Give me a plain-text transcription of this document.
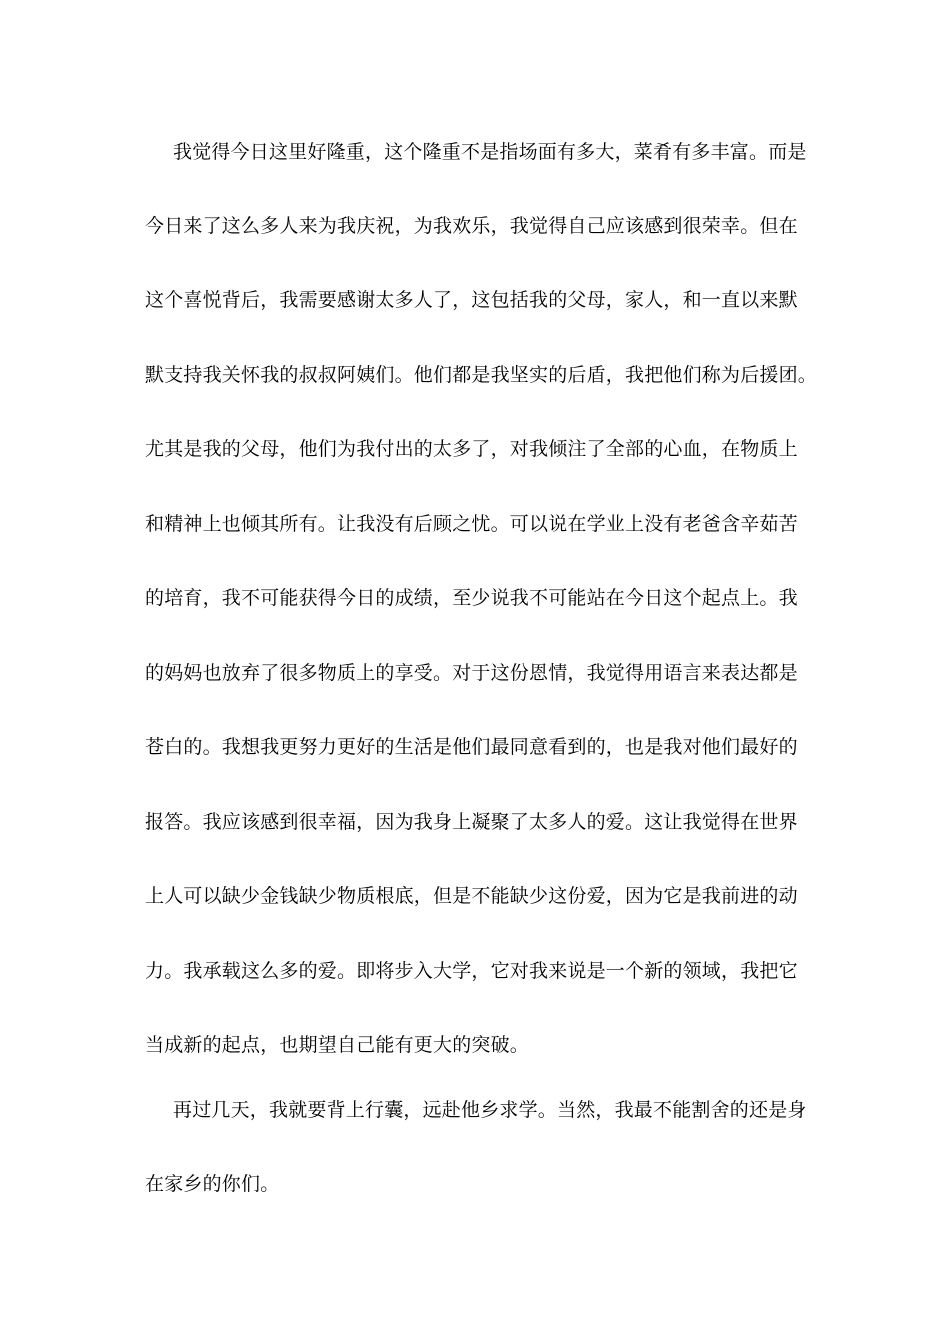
我觉得今日这里好隆重，这个隆重不是指场面有多大，菜肴有多丰富。而是
今日来了这么多人来为我庆祝，为我欢乐，我觉得自己应该感到很荣幸。但在
这个喜悦背后，我需要感谢太多人了，这包括我的父母，家人，和一直以来默
默支持我关怀我的叔叔阿姨们。他们都是我坚实的后盾，我把他们称为后援团。
尤其是我的父母，他们为我付出的太多了，对我倾注了全部的心血，在物质上
和精神上也倾其所有。让我没有后顾之忧。可以说在学业上没有老爸含辛茹苦
的培育，我不可能获得今日的成绩，至少说我不可能站在今日这个起点上。我
的妈妈也放弃了很多物质上的享受。对于这份恩情，我觉得用语言来表达都是
苍白的。我想我更努力更好的生活是他们最同意看到的，也是我对他们最好的
报答。我应该感到很幸福，因为我身上凝聚了太多人的爱。这让我觉得在世界
上人可以缺少金钱缺少物质根底，但是不能缺少这份爱，因为它是我前进的动
力。我承载这么多的爱。即将步入大学，它对我来说是一个新的领域，我把它
当成新的起点，也期望自己能有更大的突破。
再过几天，我就要背上行囊，远赴他乡求学。当然，我最不能割舍的还是身
在家乡的你们。
